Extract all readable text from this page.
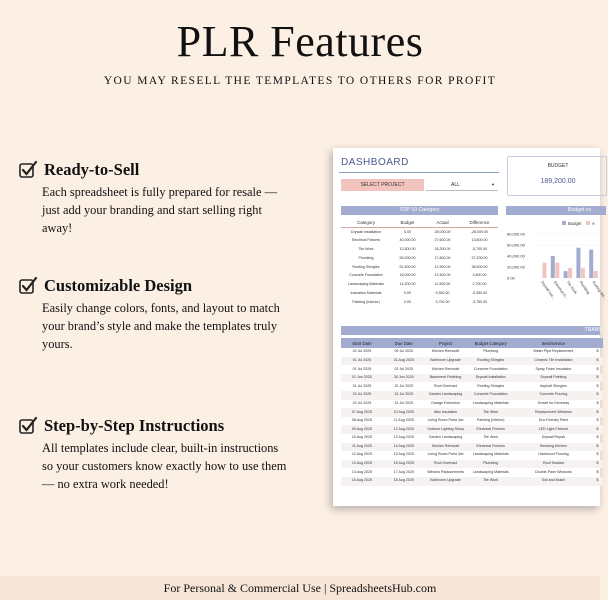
PLR Features
YOU MAY RESELL THE TEMPLATES TO OTHERS FOR PROFIT
Ready-to-Sell

Each spreadsheet is fully prepared for resale —
just add your branding and start selling right
away!

Customizable Design

Easily change colors, fonts, and layout to match
your brand’s style and make the templates truly
yours.

Step-by-Step Instructions

All templates include clear, built-in instructions
so your customers know exactly how to use them
— no extra work needed!

DASHBOARD
SELECT PROJECT	ALL	▼
BUDGET
189,200.00
TOP 10 Category
Category	Budget	Actual	Difference
Drywall Installation	0.00	28,000.00	-28,000.00
Electrical Fixtures	40,000.00	27,600.00	13,600.00
Tile Work	12,500.00	18,200.00	-5,700.00
Plumbing	55,000.00	17,800.00	37,200.00
Roofing Shingles	51,500.00	12,900.00	38,600.00
Concrete Foundation	15,000.00	12,400.00	2,600.00
Landscaping Materials	14,200.00	11,500.00	2,700.00
Insulation Materials	0.00	9,350.00	-9,350.00
Painting (Interior)	0.00	3,750.00	-3,750.00
Budget vs.
Budget	A
80,000.00
60,000.00
40,000.00
20,000.00
0.00
Drywall Inst...
Electrical Fi...
Tile Work Plumbing Roofing Shi...
TRANS
Start Date	Due Date	Project	Budget Category	Item/service	
02 Jul 2025	09 Jul 2025	Kitchen Remodel	Plumbing	Water Pipe Replacement	$
01 Jul 2025	31 Aug 2025	Bathroom Upgrade	Roofing Shingles	Ceramic Tile Installation	$
01 Jul 2025	03 Jul 2025	Kitchen Remodel	Concrete Foundation	Spray Foam Insulation	$
01 Jun 2025	30 Jun 2025	Basement Finishing	Drywall Installation	Drywall Painting	$
01 Jul 2025	22 Jul 2025	Roof Overhaul	Roofing Shingles	Asphalt Shingles	$
15 Jul 2025	31 Jul 2025	Garden Landscaping	Concrete Foundation	Concrete Pouring	$
22 Jul 2025	31 Jul 2025	Garage Extension	Landscaping Materials	Gravel for Driveway	$
07 Aug 2025	10 Aug 2025	Attic Insulation	Tile Work	Replacement Windows	$
08 Aug 2025	11 Aug 2025	Living Room Paint Job	Painting (Interior)	Eco-Friendly Paint	$
09 Aug 2025	12 Aug 2025	Outdoor Lighting Setup	Electrical Fixtures	LED Light Fixtures	$
10 Aug 2025	13 Aug 2025	Garden Landscaping	Tile Work	Drywall Repair	$
11 Aug 2025	14 Aug 2025	Kitchen Remodel	Electrical Fixtures	Rewiring Kitchen	$
12 Aug 2025	15 Aug 2025	Living Room Paint Job	Landscaping Materials	Hardwood Flooring	$
13 Aug 2025	16 Aug 2025	Roof Overhaul	Plumbing	Roof Sealant	$
14 Aug 2025	17 Aug 2025	Window Replacements	Landscaping Materials	Double-Pane Windows	$
15 Aug 2025	18 Aug 2025	Bathroom Upgrade	Tile Work	Soil and Mulch	$
For Personal & Commercial Use | SpreadsheetsHub.com
